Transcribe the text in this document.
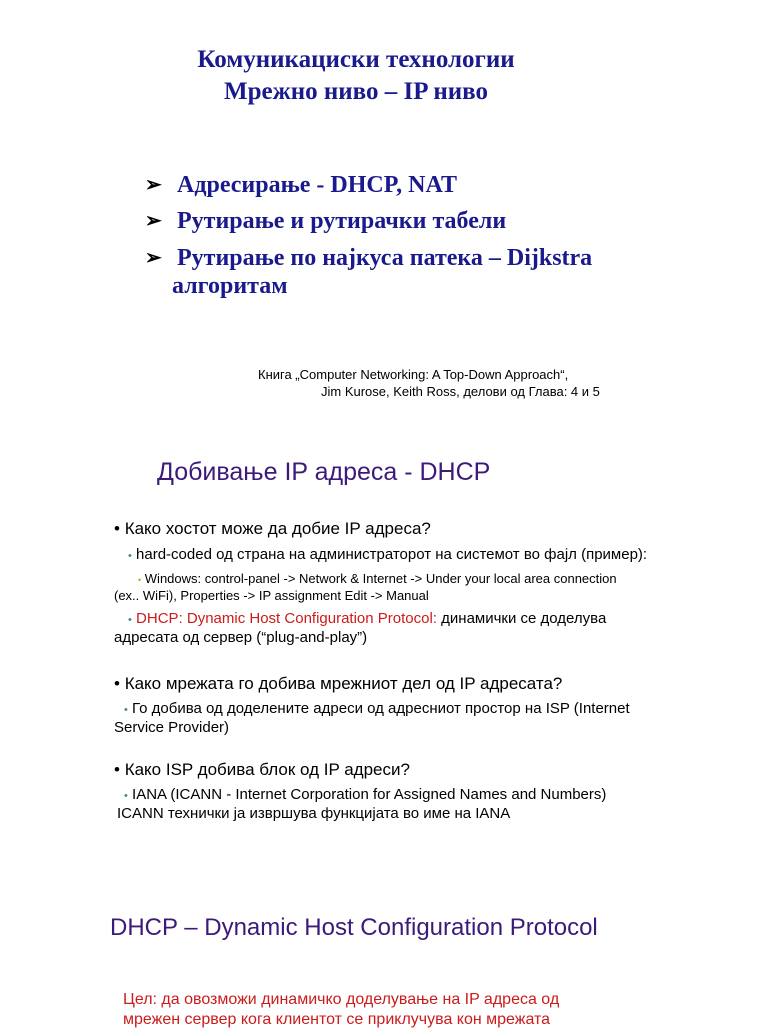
Комуникациски технологии
Мрежно ниво – IP ниво
➢ Адресирање - DHCP, NAT
➢ Рутирање и рутирачки табели
➢ Рутирање по најкуса патека – Dijkstra
алгоритам
Книга „Computer Networking: A Top-Down Approach“,
Jim Kurose, Keith Ross, делови од Глава: 4 и 5
Добивање IP адреса - DHCP
• Како хостот може да добие IP адреса?
• hard-coded од страна на администраторот на системот во фајл (пример):
• Windows: control-panel -> Network & Internet -> Under your local area connection
(ex.. WiFi), Properties -> IP assignment Edit -> Manual
• DHCP: Dynamic Host Configuration Protocol: динамички се доделува
адресата од сервер (“plug-and-play”)
• Како мрежата го добива мрежниот дел од IP адресата?
• Го добива од доделените адреси од адресниот простор на ISP (Internet
Service Provider)
• Како ISP добива блок од IP адреси?
• IANA (ICANN - Internet Corporation for Assigned Names and Numbers)
ICANN технички ја извршува функцијата во име на IANA
DHCP – Dynamic Host Configuration Protocol
Цел: да овозможи динамичко доделување на IP адреса од
мрежен сервер кога клиентот се приклучува кон мрежата
